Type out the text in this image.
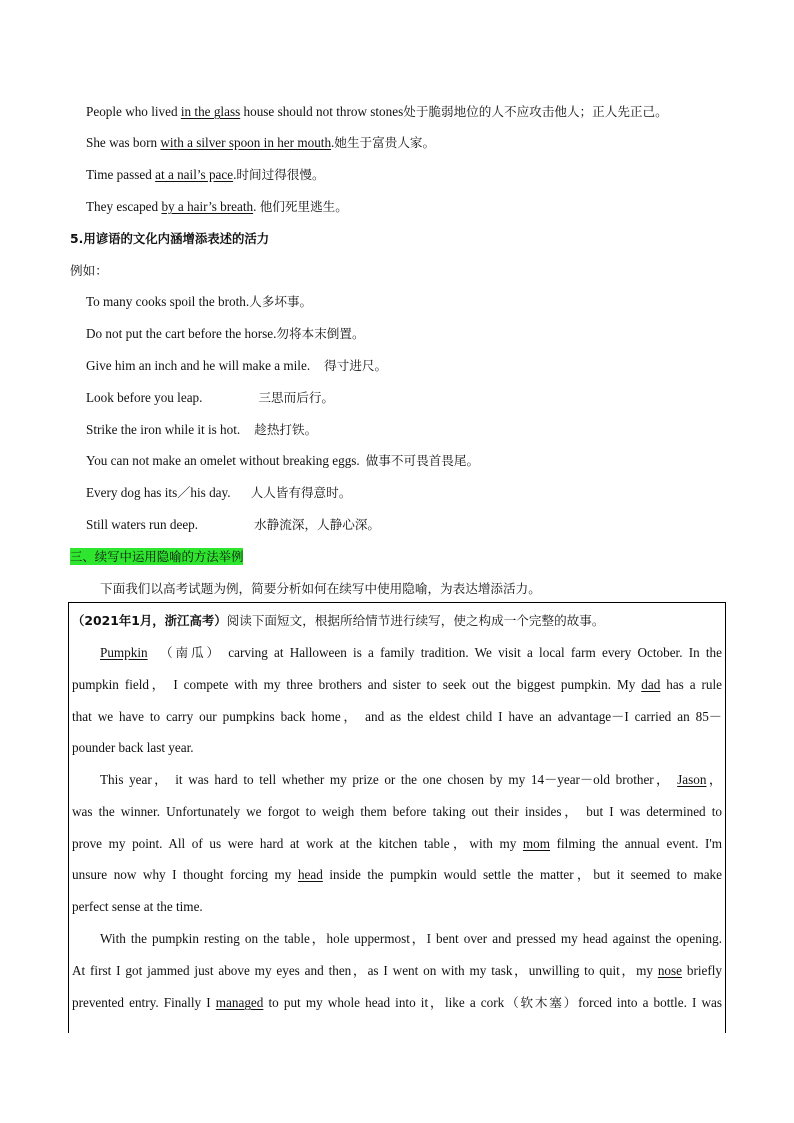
People who lived in the glass house should not throw stones处于脆弱地位的人不应攻击他人；正人先正己。
She was born with a silver spoon in her mouth.她生于富贵人家。
Time passed at a nail’s pace.时间过得很慢。
They escaped by a hair’s breath. 他们死里逃生。
5.用谚语的文化内涵增添表述的活力
例如：
To many cooks spoil the broth.人多坏事。
Do not put the cart before the horse.勿将本末倒置。
Give him an inch and he will make a mile. 得寸进尺。
Look before you leap.	三思而后行。
Strike the iron while it is hot. 趁热打铁。
You can not make an omelet without breaking eggs. 做事不可畏首畏尾。
Every dog has its／his day. 人人皆有得意时。
Still waters run deep.	水静流深，人静心深。
三、续写中运用隐喻的方法举例
下面我们以高考试题为例，简要分析如何在续写中使用隐喻，为表达增添活力。
（2021年1月，浙江高考）阅读下面短文，根据所给情节进行续写，使之构成一个完整的故事。
Pumpkin （南瓜） carving at Halloween is a family tradition. We visit a local farm every October. In the
pumpkin field， I compete with my three brothers and sister to seek out the biggest pumpkin. My dad has a rule
that we have to carry our pumpkins back home， and as the eldest child I have an advantage－I carried an 85－
pounder back last year.
This year， it was hard to tell whether my prize or the one chosen by my 14－year－old brother， Jason，
was the winner. Unfortunately we forgot to weigh them before taking out their insides， but I was determined to
prove my point. All of us were hard at work at the kitchen table，with my mom filming the annual event. I'm
unsure now why I thought forcing my head inside the pumpkin would settle the matter，but it seemed to make
perfect sense at the time.
With the pumpkin resting on the table，hole uppermost，I bent over and pressed my head against the opening.
At first I got jammed just above my eyes and then，as I went on with my task，unwilling to quit，my nose briefly
prevented entry. Finally I managed to put my whole head into it，like a cork（软木塞）forced into a bottle. I was
